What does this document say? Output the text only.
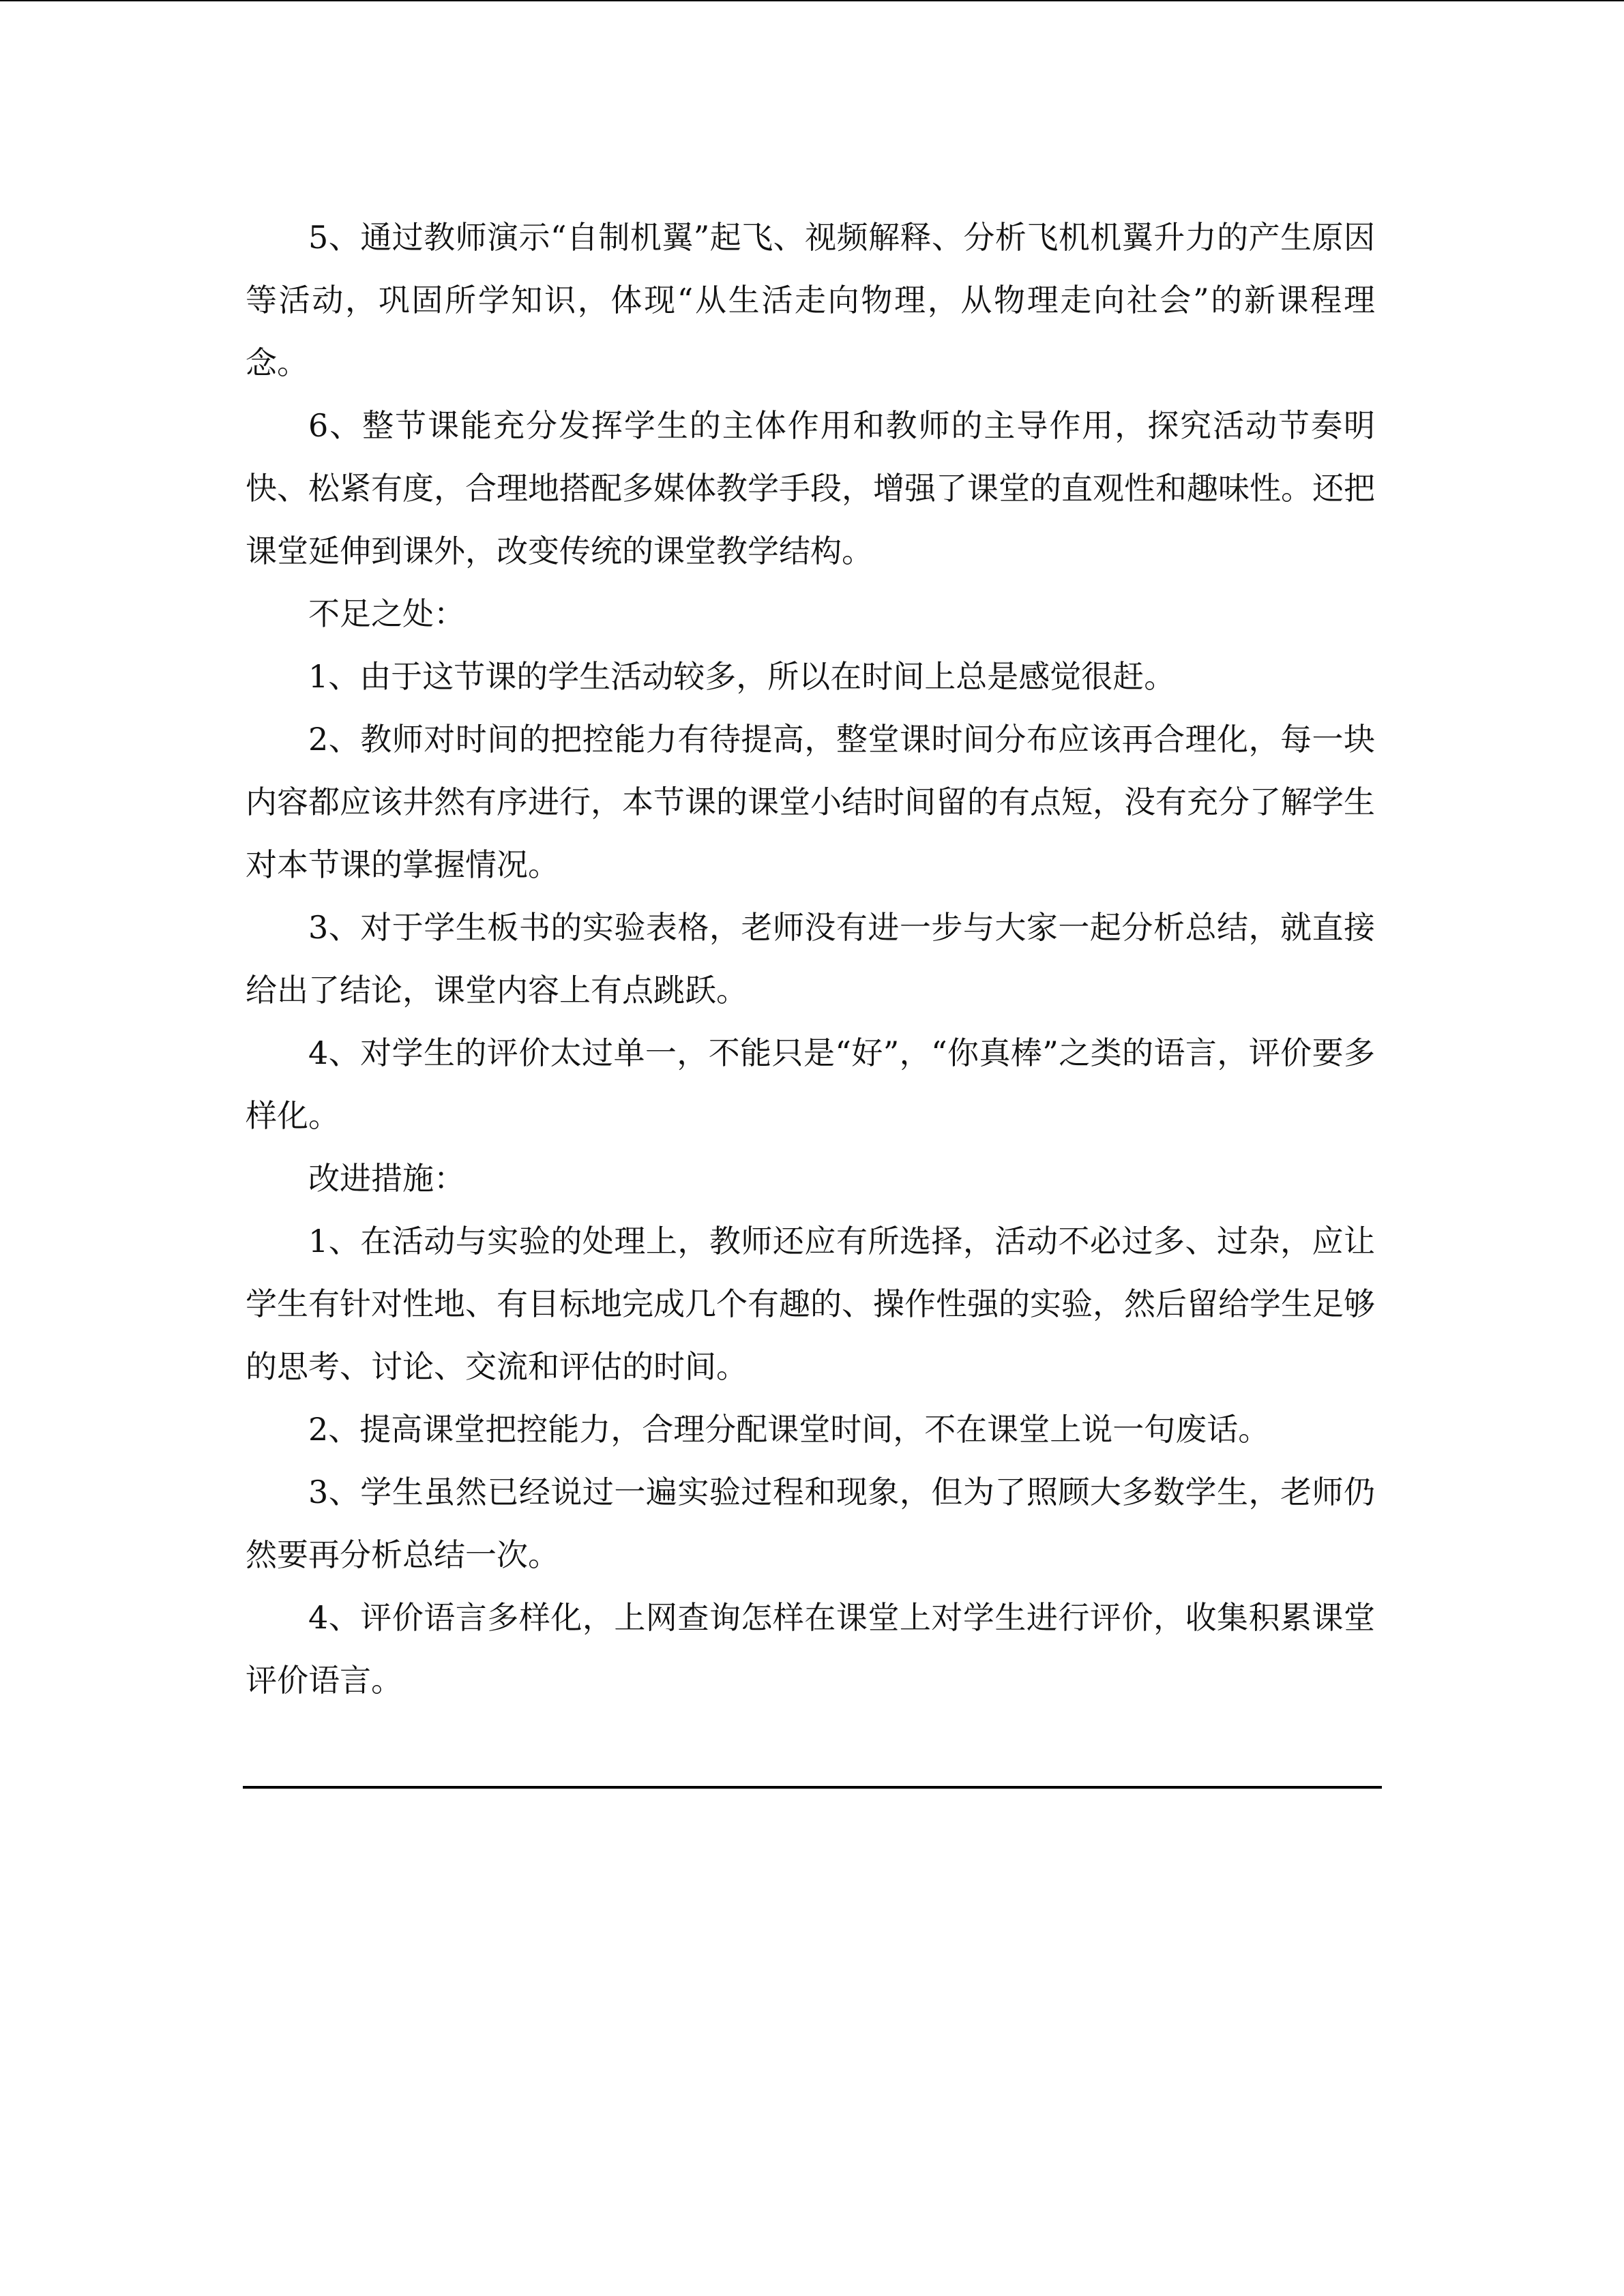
5、通过教师演示“自制机翼”起飞、视频解释、分析飞机机翼升力的产生原因等活动，巩固所学知识，体现“从生活走向物理，从物理走向社会”的新课程理念。

6、整节课能充分发挥学生的主体作用和教师的主导作用，探究活动节奏明快、松紧有度，合理地搭配多媒体教学手段，增强了课堂的直观性和趣味性。还把课堂延伸到课外，改变传统的课堂教学结构。

不足之处：

1、由于这节课的学生活动较多，所以在时间上总是感觉很赶。

2、教师对时间的把控能力有待提高，整堂课时间分布应该再合理化，每一块内容都应该井然有序进行，本节课的课堂小结时间留的有点短，没有充分了解学生对本节课的掌握情况。

3、对于学生板书的实验表格，老师没有进一步与大家一起分析总结，就直接给出了结论，课堂内容上有点跳跃。

4、对学生的评价太过单一，不能只是“好”，“你真棒”之类的语言，评价要多样化。

改进措施：

1、在活动与实验的处理上，教师还应有所选择，活动不必过多、过杂，应让学生有针对性地、有目标地完成几个有趣的、操作性强的实验，然后留给学生足够的思考、讨论、交流和评估的时间。

2、提高课堂把控能力，合理分配课堂时间，不在课堂上说一句废话。

3、学生虽然已经说过一遍实验过程和现象，但为了照顾大多数学生，老师仍然要再分析总结一次。

4、评价语言多样化，上网查询怎样在课堂上对学生进行评价，收集积累课堂评价语言。
